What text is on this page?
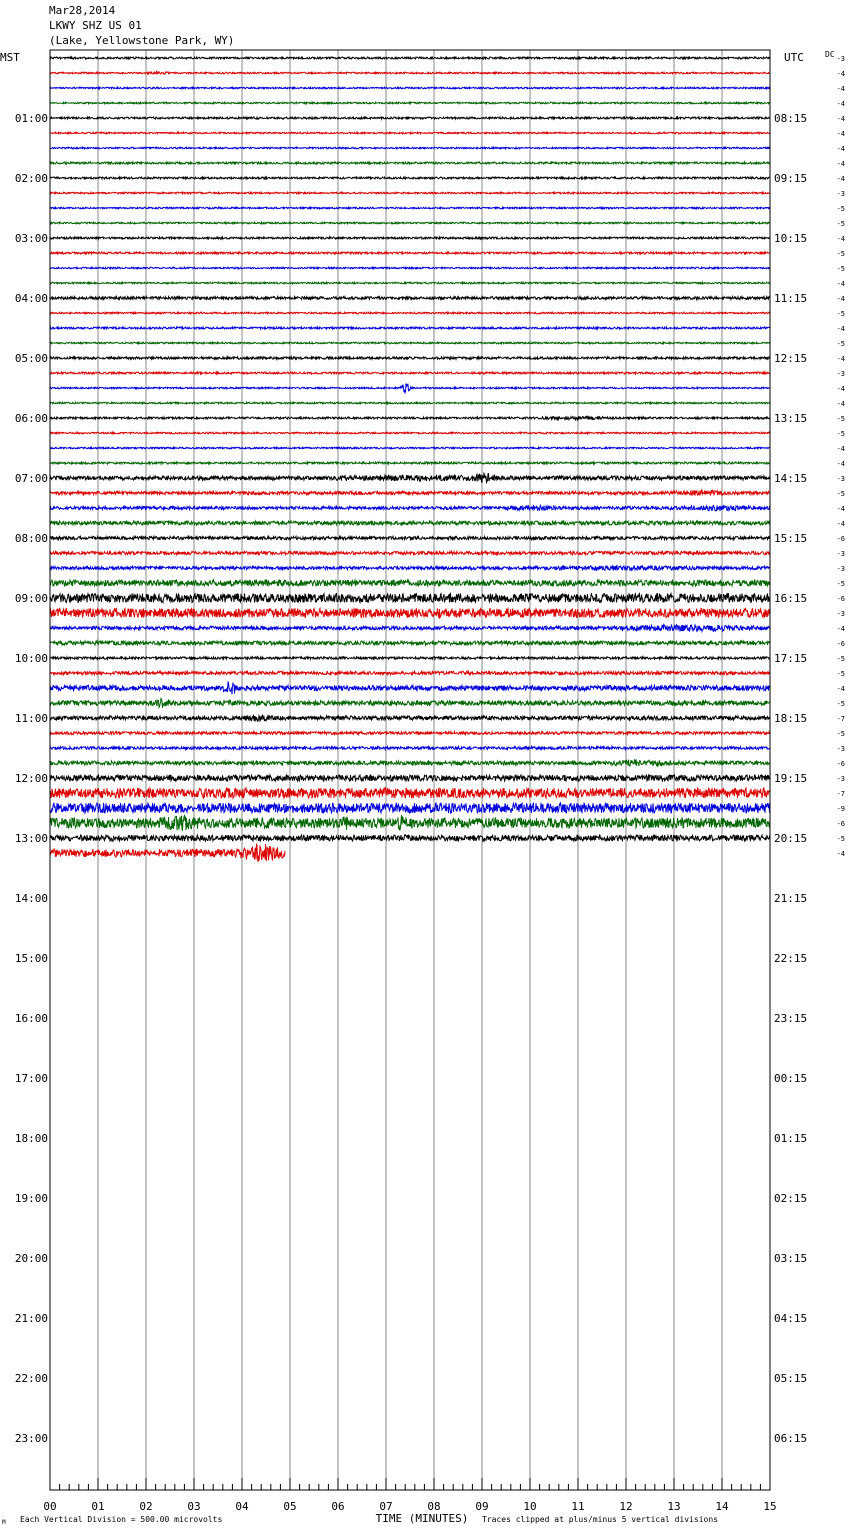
Mar28,2014
LKWY SHZ US 01
(Lake, Yellowstone Park, WY)
00	01	02	03	04	05	06	07	08	09	10	11	12	13	14	15
MST	UTC	DC
01:00
02:00
03:00
04:00
05:00
06:00
07:00
08:00
09:00
10:00
11:00
12:00
13:00
14:00
15:00
16:00
17:00
18:00
19:00
20:00
21:00
22:00
23:00
08:15
09:15
10:15
11:15
12:15
13:15
14:15
15:15
16:15
17:15
18:15
19:15
20:15
21:15
22:15
23:15
00:15
01:15
02:15
03:15
04:15
05:15
06:15
-3
-4
-4
-4
-4
-4
-4
-4
-4
-3
-5
-5
-4
-5
-5
-4
-4
-5
-4
-5
-4
-3
-4
-4
-5
-5
-4
-4
-3
-5
-4
-4
-6
-3
-3
-5
-6
-3
-4
-6
-5
-5
-4
-5
-7
-5
-3
-6
-3
-7
-9
-6
-5
-4
Μ Each Vertical Division = 500.00 microvolts	TIME (MINUTES) Traces clipped at plus/minus 5 vertical divisions
